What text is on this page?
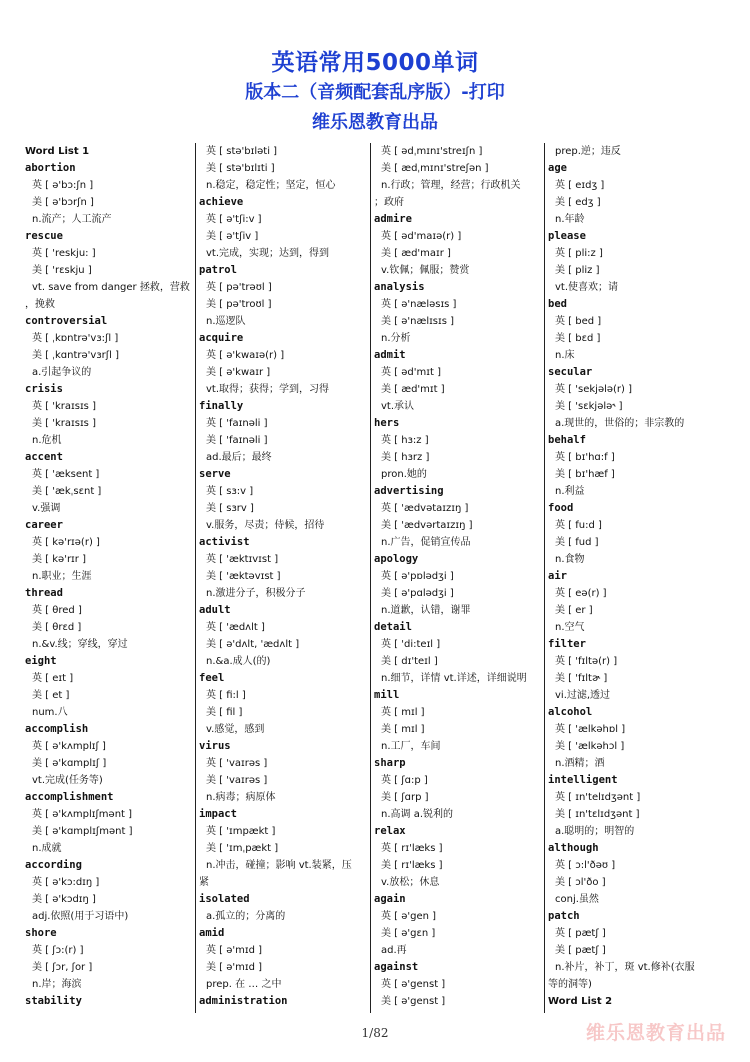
英语常用5000单词
版本二（音频配套乱序版）-打印
维乐恩教育出品
Word List 1
abortion
英 [ ə'bɔ:ʃn ]
美 [ ə'bɔrʃn ]
n.流产；人工流产
rescue
英 [ 'reskju: ]
美 [ 'rɛskju ]
vt. save from danger 拯救，营救
，挽救
controversial
英 [ ˌkɒntrə'vɜ:ʃl ]
美 [ ˌkɑntrə'vɜrʃl ]
a.引起争议的
crisis
英 [ 'kraɪsɪs ]
美 [ 'kraɪsɪs ]
n.危机
accent
英 [ 'æksent ]
美 [ 'ækˌsɛnt ]
v.强调
career
英 [ kə'rɪə(r) ]
美 [ kə'rɪr ]
n.职业；生涯
thread
英 [ θred ]
美 [ θrɛd ]
n.&v.线；穿线，穿过
eight
英 [ eɪt ]
美 [ et ]
num.八
accomplish
英 [ ə'kʌmplɪʃ ]
美 [ ə'kɑmplɪʃ ]
vt.完成(任务等)
accomplishment
英 [ ə'kʌmplɪʃmənt ]
美 [ ə'kɑmplɪʃmənt ]
n.成就
according
英 [ ə'kɔ:dɪŋ ]
美 [ ə'kɔdɪŋ ]
adj.依照(用于习语中)
shore
英 [ ʃɔ:(r) ]
美 [ ʃɔr, ʃor ]
n.岸；海滨
stability
英 [ stə'bɪləti ]
美 [ stə'bɪlɪti ]
n.稳定，稳定性；坚定，恒心
achieve
英 [ ə'tʃi:v ]
美 [ ə'tʃiv ]
vt.完成，实现；达到，得到
patrol
英 [ pə'trəʊl ]
美 [ pə'troʊl ]
n.巡逻队
acquire
英 [ ə'kwaɪə(r) ]
美 [ ə'kwaɪr ]
vt.取得；获得；学到，习得
finally
英 [ 'faɪnəli ]
美 [ 'faɪnəli ]
ad.最后；最终
serve
英 [ sɜ:v ]
美 [ sɜrv ]
v.服务，尽责；侍候，招待
activist
英 [ 'æktɪvɪst ]
美 [ 'æktəvɪst ]
n.激进分子，积极分子
adult
英 [ 'ædʌlt ]
美 [ ə'dʌlt, 'ædʌlt ]
n.&a.成人(的)
feel
英 [ fi:l ]
美 [ fil ]
v.感觉，感到
virus
英 [ 'vaɪrəs ]
美 [ 'vaɪrəs ]
n.病毒；病原体
impact
英 [ 'ɪmpækt ]
美 [ 'ɪmˌpækt ]
n.冲击，碰撞；影响 vt.装紧，压
紧
isolated
a.孤立的；分离的
amid
英 [ ə'mɪd ]
美 [ ə'mɪd ]
prep. 在 … 之中
administration
英 [ ədˌmɪnɪ'streɪʃn ]
美 [ ædˌmɪnɪ'streʃən ]
n.行政；管理，经营；行政机关
；政府
admire
英 [ əd'maɪə(r) ]
美 [ æd'maɪr ]
v.钦佩；佩服；赞赏
analysis
英 [ ə'næləsɪs ]
美 [ ə'nælɪsɪs ]
n.分析
admit
英 [ əd'mɪt ]
美 [ æd'mɪt ]
vt.承认
hers
英 [ hɜ:z ]
美 [ hɜrz ]
pron.她的
advertising
英 [ 'ædvətaɪzɪŋ ]
美 [ 'ædvərtaɪzɪŋ ]
n.广告，促销宣传品
apology
英 [ ə'pɒlədʒi ]
美 [ ə'pɑlədʒi ]
n.道歉，认错，谢罪
detail
英 [ 'di:teɪl ]
美 [ dɪ'teɪl ]
n.细节，详情 vt.详述，详细说明
mill
英 [ mɪl ]
美 [ mɪl ]
n.工厂，车间
sharp
英 [ ʃɑ:p ]
美 [ ʃɑrp ]
n.高调 a.锐利的
relax
英 [ rɪ'læks ]
美 [ rɪ'læks ]
v.放松；休息
again
英 [ ə'gen ]
美 [ ə'gɛn ]
ad.再
against
英 [ ə'genst ]
美 [ ə'genst ]
prep.逆；违反
age
英 [ eɪdʒ ]
美 [ edʒ ]
n.年龄
please
英 [ pli:z ]
美 [ pliz ]
vt.使喜欢；请
bed
英 [ bed ]
美 [ bɛd ]
n.床
secular
英 [ 'sekjələ(r) ]
美 [ 'sɛkjələ˞ ]
a.现世的，世俗的；非宗教的
behalf
英 [ bɪ'hɑ:f ]
美 [ bɪ'hæf ]
n.利益
food
英 [ fu:d ]
美 [ fud ]
n.食物
air
英 [ eə(r) ]
美 [ er ]
n.空气
filter
英 [ 'fɪltə(r) ]
美 [ 'fɪltɚ ]
vi.过滤,透过
alcohol
英 [ 'ælkəhɒl ]
美 [ 'ælkəhɔl ]
n.酒精；酒
intelligent
英 [ ɪn'telɪdʒənt ]
美 [ ɪn'tɛlɪdʒənt ]
a.聪明的；明智的
although
英 [ ɔ:l'ðəʊ ]
美 [ ɔl'ðo ]
conj.虽然
patch
英 [ pætʃ ]
美 [ pætʃ ]
n.补片，补丁，斑 vt.修补(衣服
等的洞等)
Word List 2
1/82	维乐恩教育出品
